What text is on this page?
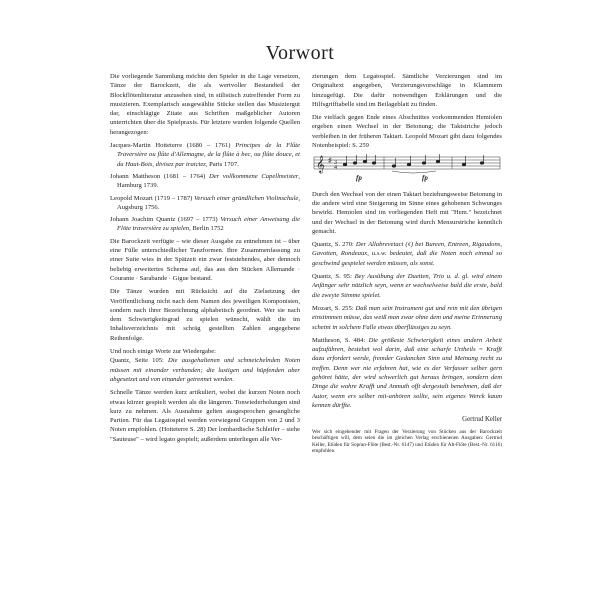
Vorwort

Die vorliegende Sammlung möchte den Spieler in die Lage versetzen, Tänze der Barockzeit, die als wertvoller Bestandteil der Blockflötenliteratur anzusehen sind, in stilistisch zutreffender Form zu musizieren. Exemplarisch ausgewählte Stücke stellen das Musiziergut dar, einschlägige Zitate aus Schriften maßgeblicher Autoren unterrichten über die Spielpraxis. Für letztere wurden folgende Quellen herangezogen:

Jacques-Martin Hotteterre (1680 – 1761) Principes de la Flûte Traversière ou flûte d'Allemagne, de la flûte à bec, ou flûte douce, et du Haut-Bois, divisez par traictez, Paris 1707.

Johann Mattheson (1681 – 1764) Der vollkommene Capellmeister, Hamburg 1739.

Leopold Mozart (1719 – 1787) Versuch einer gründlichen Violinschule, Augsburg 1756.

Johann Joachim Quantz (1697 – 1773) Versuch einer Anweisung die Flöte traversière zu spielen, Berlin 1752

Die Barockzeit verfügte – wie dieser Ausgabe zu entnehmen ist – über eine Fülle unterschiedlicher Tanzformen. Ihre Zusammenfassung zu einer Suite wies in der Spätzeit ein zwar feststehendes, aber dennoch beliebig erweitertes Schema auf, das aus den Stücken Allemande · Courante · Sarabande · Gigue bestand.

Die Tänze wurden mit Rücksicht auf die Zielsetzung der Veröffentlichung nicht nach dem Namen des jeweiligen Komponisten, sondern nach ihrer Bezeichnung alphabetisch geordnet. Wer sie nach dem Schwierigkeitsgrad zu spielen wünscht, wählt die im Inhaltsverzeichnis mit schräg gestellten Zahlen angegebene Reihenfolge.

Und noch einige Worte zur Wiedergabe:

Quantz, Seite 105: Die ausgehaltenen und schmeichelnden Noten müssen mit einander verbunden; die lustigen und hüpfenden aber abgesetzet und von einander getrennet werden.

Schnelle Tänze werden kurz artikuliert, wobei die kurzen Noten noch etwas kürzer gespielt werden als die längeren. Tonwiederholungen sind kurz zu nehmen. Als Ausnahme gelten ausgesprochen gesangliche Partien. Für das Legatospiel werden vorwiegend Gruppen von 2 und 3 Noten empfohlen. (Hotteterre S. 28) Der lombardische Schleifer – siehe "Sauteuse" – wird legato gespielt; außerdem unterliegen alle Ver-

zierungen dem Legatospiel. Sämtliche Verzierungen sind im Originaltext angegeben, Verzierungsvorschläge in Klammern hinzugefügt. Die dafür notwendigen Erklärungen und die Hilfsgrifftabelle sind im Beilageblatt zu finden.

Die vielfach gegen Ende eines Abschnittes vorkommenden Hemiolen ergeben einen Wechsel in der Betonung; die Taktstriche jedoch verbleiben in der früheren Taktart. Leopold Mozart gibt dazu folgendes Notenbeispiel: S. 259

𝄞 ♯ 3
4
fp	fp

Durch den Wechsel von der einen Taktart beziehungsweise Betonung in die andere wird eine Steigerung im Sinne eines gehobenen Schwunges bewirkt. Hemiolen sind im vorliegenden Heft mit "Hem." bezeichnet und der Wechsel in der Betonung wird durch Mensurstriche kenntlich gemacht.

Quantz, S. 270: Der Allabrevetact (¢) bei Bureen, Entreen, Rigaudons, Gavotten, Rondeaux, u.s.w. bedeutet, daß die Noten noch einmal so geschwind gespielet werden müssen, als sonst.

Quantz, S. 95: Bey Ausübung der Duetten, Trio u. d. gl. wird einem Anfänger sehr nützlich seyn, wenn er wechselweise bald die erste, bald die zweyte Stimme spielet.

Mozart, S. 255: Daß man sein Instrument gut und rein mit den übrigen einstimmen müsse, das weiß man zwar ohne dem und meine Erinnerung scheint in solchem Falle etwas überflüssiges zu seyn.

Mattheson, S. 484: Die größeste Schwierigkeit eines andern Arbeit aufzuführen, bestehet wol darin, daß eine scharfe Urtheils = Krafft dazu erfordert werde, fremder Gedancken Sinn und Meinung recht zu treffen. Denn wer nie erfahren hat, wie es der Verfasser selber gern gehöret hätte, der wird schwerlich gut heraus bringen, sondern dem Dinge die wahre Krafft und Anmuth offt dergestalt benehmen, daß der Autor, wenn ers selber mit-anhören sollte, sein eigenes Werck kaum kennen dürffte.

Gertrud Keller
Wer sich eingehender mit Fragen der Verzierung von Stücken aus der Barockzeit beschäftigen will, dem seien die im gleichen Verlag erschienenen Ausgaben: Gertrud Keller, Etüden für Sopran-Flöte (Best.-Nr. 6147) und Etüden für Alt-Flöte (Best.-Nr. 6116) empfohlen.
